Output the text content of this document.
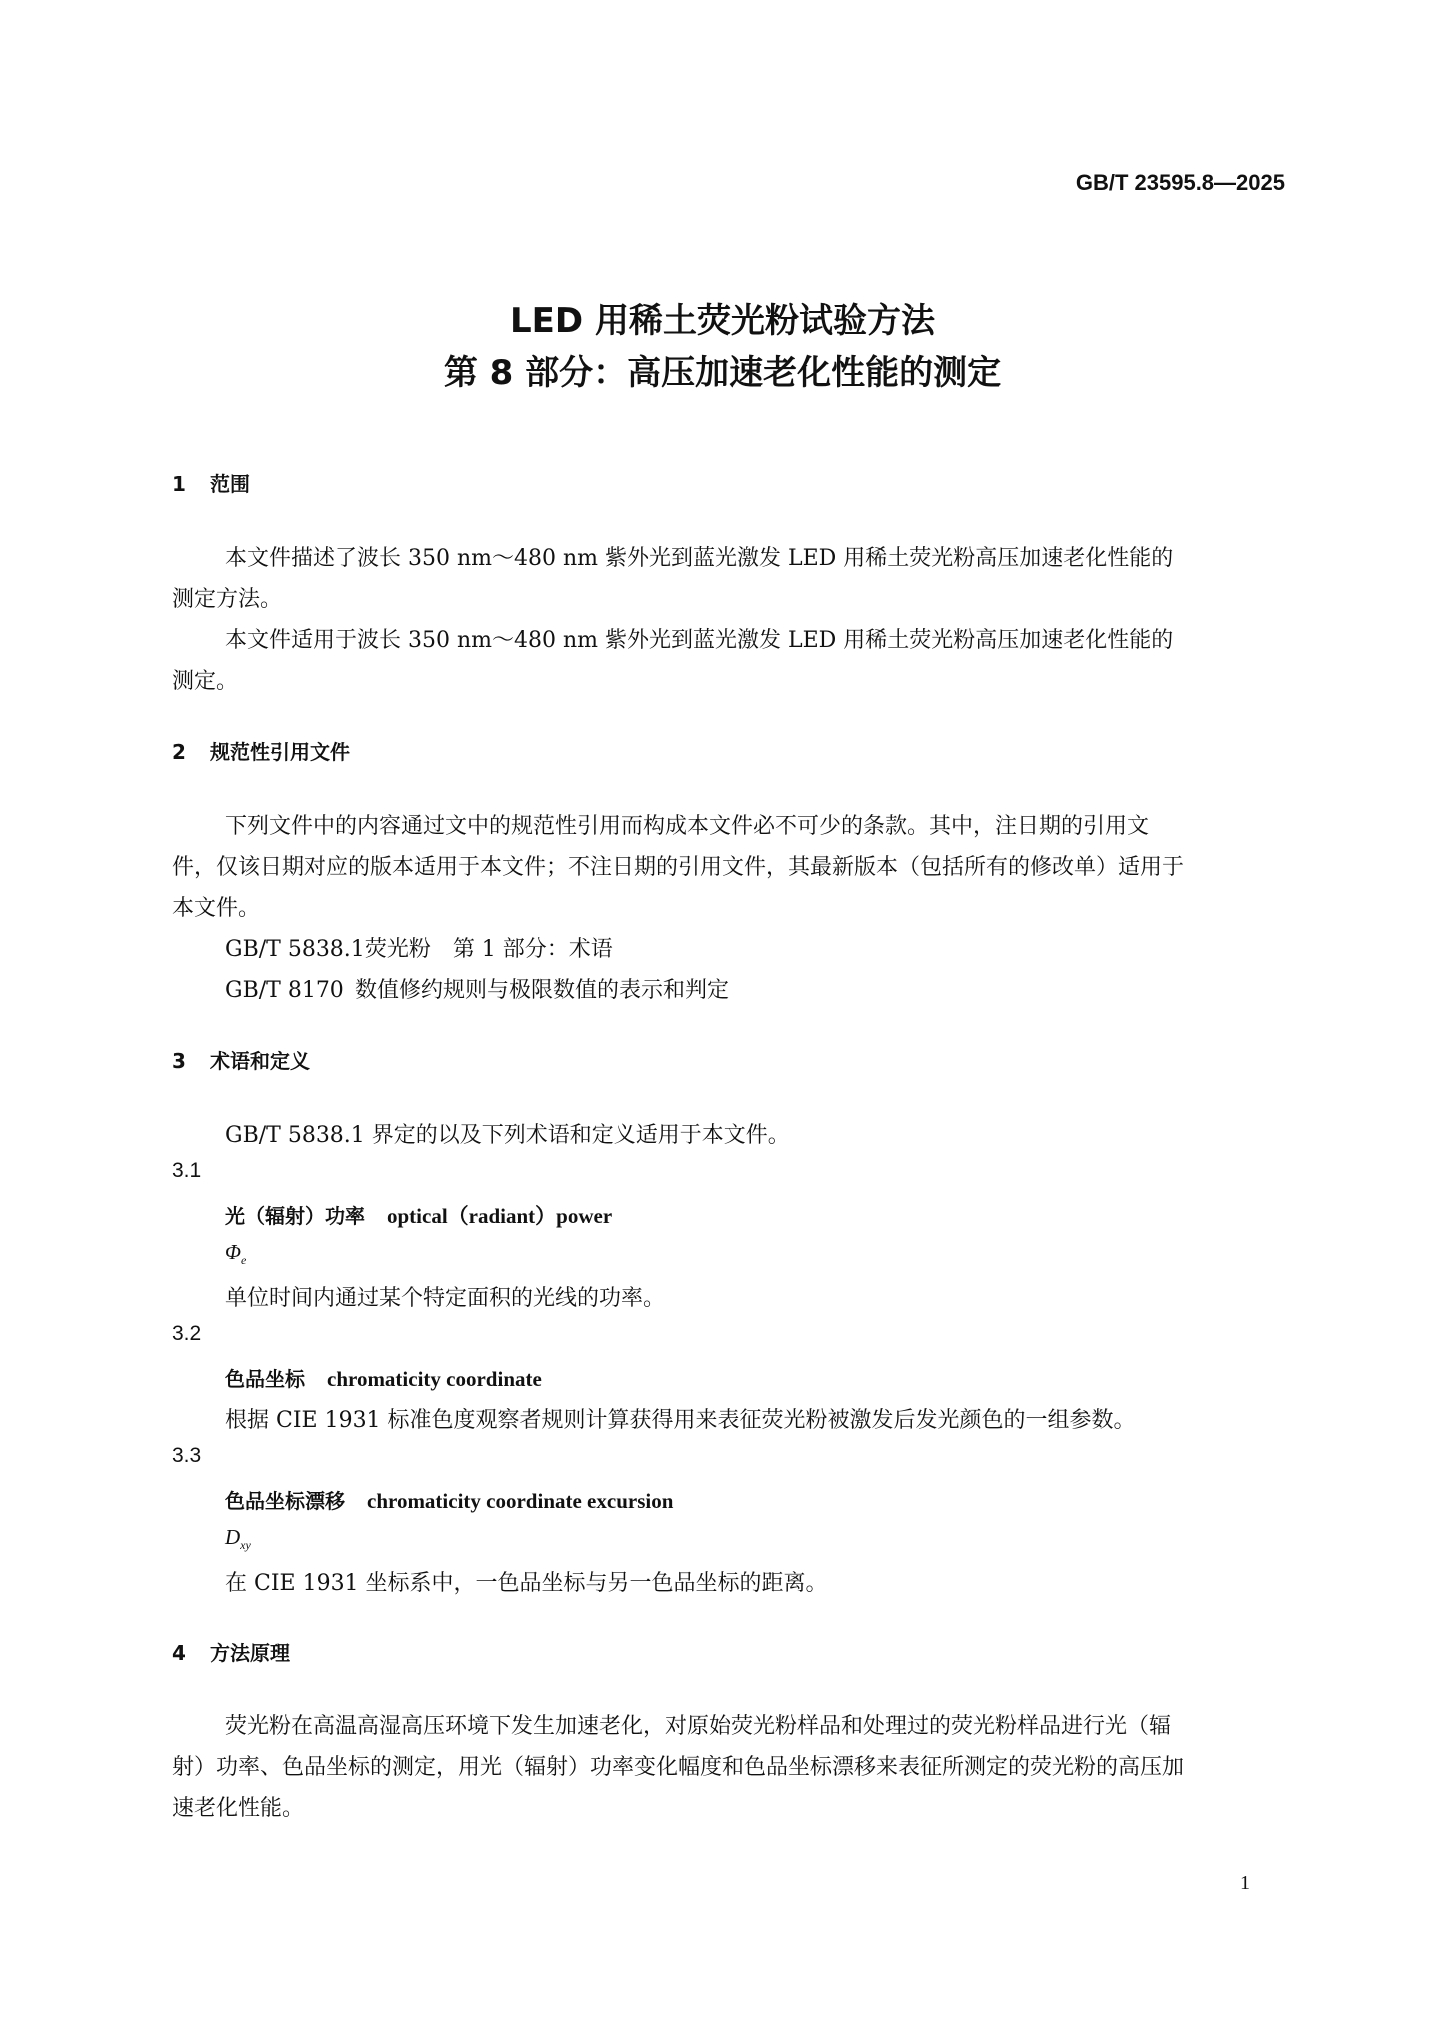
GB/T 23595.8—2025
LED 用稀土荧光粉试验方法
第 8 部分：高压加速老化性能的测定
1 范围
本文件描述了波长 350 nm～480 nm 紫外光到蓝光激发 LED 用稀土荧光粉高压加速老化性能的
测定方法。
本文件适用于波长 350 nm～480 nm 紫外光到蓝光激发 LED 用稀土荧光粉高压加速老化性能的
测定。
2 规范性引用文件
下列文件中的内容通过文中的规范性引用而构成本文件必不可少的条款。其中，注日期的引用文
件，仅该日期对应的版本适用于本文件；不注日期的引用文件，其最新版本（包括所有的修改单）适用于
本文件。
GB/T 5838.1荧光粉　第 1 部分：术语
GB/T 8170 数值修约规则与极限数值的表示和判定
3 术语和定义
GB/T 5838.1 界定的以及下列术语和定义适用于本文件。
3.1
光（辐射）功率 optical（radiant）power
$\Phi_e$
单位时间内通过某个特定面积的光线的功率。
3.2
色品坐标 chromaticity coordinate
根据 CIE 1931 标准色度观察者规则计算获得用来表征荧光粉被激发后发光颜色的一组参数。
3.3
色品坐标漂移 chromaticity coordinate excursion
$D_{xy}$
在 CIE 1931 坐标系中，一色品坐标与另一色品坐标的距离。
4 方法原理
荧光粉在高温高湿高压环境下发生加速老化，对原始荧光粉样品和处理过的荧光粉样品进行光（辐
射）功率、色品坐标的测定，用光（辐射）功率变化幅度和色品坐标漂移来表征所测定的荧光粉的高压加
速老化性能。
1
